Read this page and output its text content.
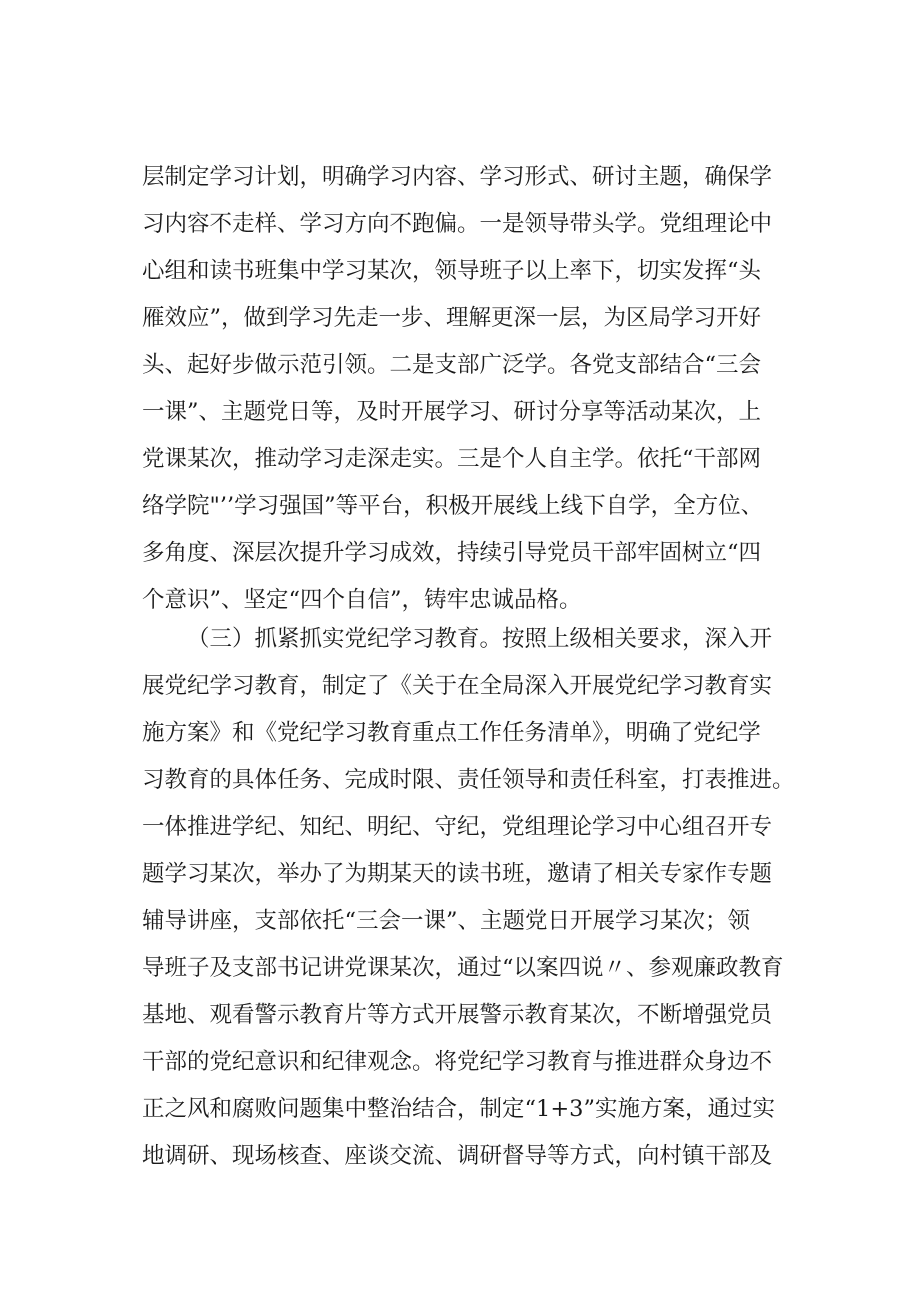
层制定学习计划，明确学习内容、学习形式、研讨主题，确保学
习内容不走样、学习方向不跑偏。一是领导带头学。党组理论中
心组和读书班集中学习某次，领导班子以上率下，切实发挥“头
雁效应”，做到学习先走一步、理解更深一层，为区局学习开好
头、起好步做示范引领。二是支部广泛学。各党支部结合“三会
一课”、主题党日等，及时开展学习、研讨分享等活动某次，上
党课某次，推动学习走深走实。三是个人自主学。依托“干部网
络学院"’’学习强国”等平台，积极开展线上线下自学，全方位、
多角度、深层次提升学习成效，持续引导党员干部牢固树立“四
个意识”、坚定“四个自信”，铸牢忠诚品格。
（三）抓紧抓实党纪学习教育。按照上级相关要求，深入开
展党纪学习教育，制定了《关于在全局深入开展党纪学习教育实
施方案》和《党纪学习教育重点工作任务清单》，明确了党纪学
习教育的具体任务、完成时限、责任领导和责任科室，打表推进。
一体推进学纪、知纪、明纪、守纪，党组理论学习中心组召开专
题学习某次，举办了为期某天的读书班，邀请了相关专家作专题
辅导讲座，支部依托“三会一课”、主题党日开展学习某次；领
导班子及支部书记讲党课某次，通过“以案四说〃、参观廉政教育
基地、观看警示教育片等方式开展警示教育某次，不断增强党员
干部的党纪意识和纪律观念。将党纪学习教育与推进群众身边不
正之风和腐败问题集中整治结合，制定“1+3”实施方案，通过实
地调研、现场核查、座谈交流、调研督导等方式，向村镇干部及
